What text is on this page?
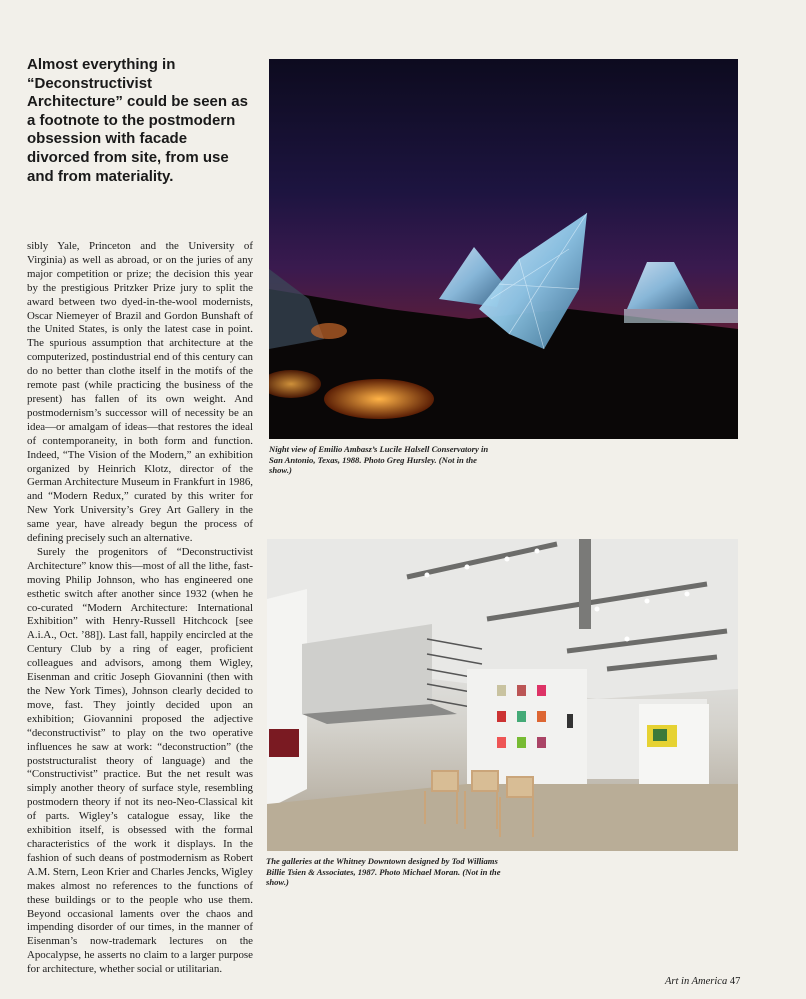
Almost everything in “Deconstructivist Architecture” could be seen as a footnote to the postmodern obsession with facade divorced from site, from use and from materiality.

sibly Yale, Princeton and the University of Virginia) as well as abroad, or on the juries of any major competition or prize; the decision this year by the prestigious Pritzker Prize jury to split the award between two dyed-in-the-wool modernists, Oscar Niemeyer of Brazil and Gordon Bunshaft of the United States, is only the latest case in point. The spurious assumption that architecture at the computerized, postindustrial end of this century can do no better than clothe itself in the motifs of the remote past (while practicing the business of the present) has fallen of its own weight. And postmodernism’s successor will of necessity be an idea—or amalgam of ideas—that restores the ideal of contemporaneity, in both form and function. Indeed, “The Vision of the Modern,” an exhibition organized by Heinrich Klotz, director of the German Architecture Museum in Frankfurt in 1986, and “Modern Redux,” curated by this writer for New York University’s Grey Art Gallery in the same year, have already begun the process of defining precisely such an alternative.

Surely the progenitors of “Deconstructivist Architecture” know this—most of all the lithe, fast-moving Philip Johnson, who has engineered one esthetic switch after another since 1932 (when he co-curated “Modern Architecture: International Exhibition” with Henry-Russell Hitchcock [see A.i.A., Oct. ’88]). Last fall, happily encircled at the Century Club by a ring of eager, proficient colleagues and advisors, among them Wigley, Eisenman and critic Joseph Giovannini (then with the New York Times), Johnson clearly decided to move, fast. They jointly decided upon an exhibition; Giovannini proposed the adjective “deconstructivist” to play on the two operative influences he saw at work: “deconstruction” (the poststructuralist theory of language) and the “Constructivist” practice. But the net result was simply another theory of surface style, resembling postmodern theory if not its neo-Neo-Classical kit of parts. Wigley’s catalogue essay, like the exhibition itself, is obsessed with the formal characteristics of the work it displays. In the fashion of such deans of postmodernism as Robert A.M. Stern, Leon Krier and Charles Jencks, Wigley makes almost no references to the functions of these buildings or to the people who use them. Beyond occasional laments over the chaos and impending disorder of our times, in the manner of Eisenman’s now-trademark lectures on the Apocalypse, he asserts no claim to a larger purpose for architecture, whether social or utilitarian.

Night view of Emilio Ambasz’s Lucile Halsell Conservatory in San Antonio, Texas, 1988. Photo Greg Hursley. (Not in the show.)
The galleries at the Whitney Downtown designed by Tod Williams Billie Tsien & Associates, 1987. Photo Michael Moran. (Not in the show.)
Art in America 47
